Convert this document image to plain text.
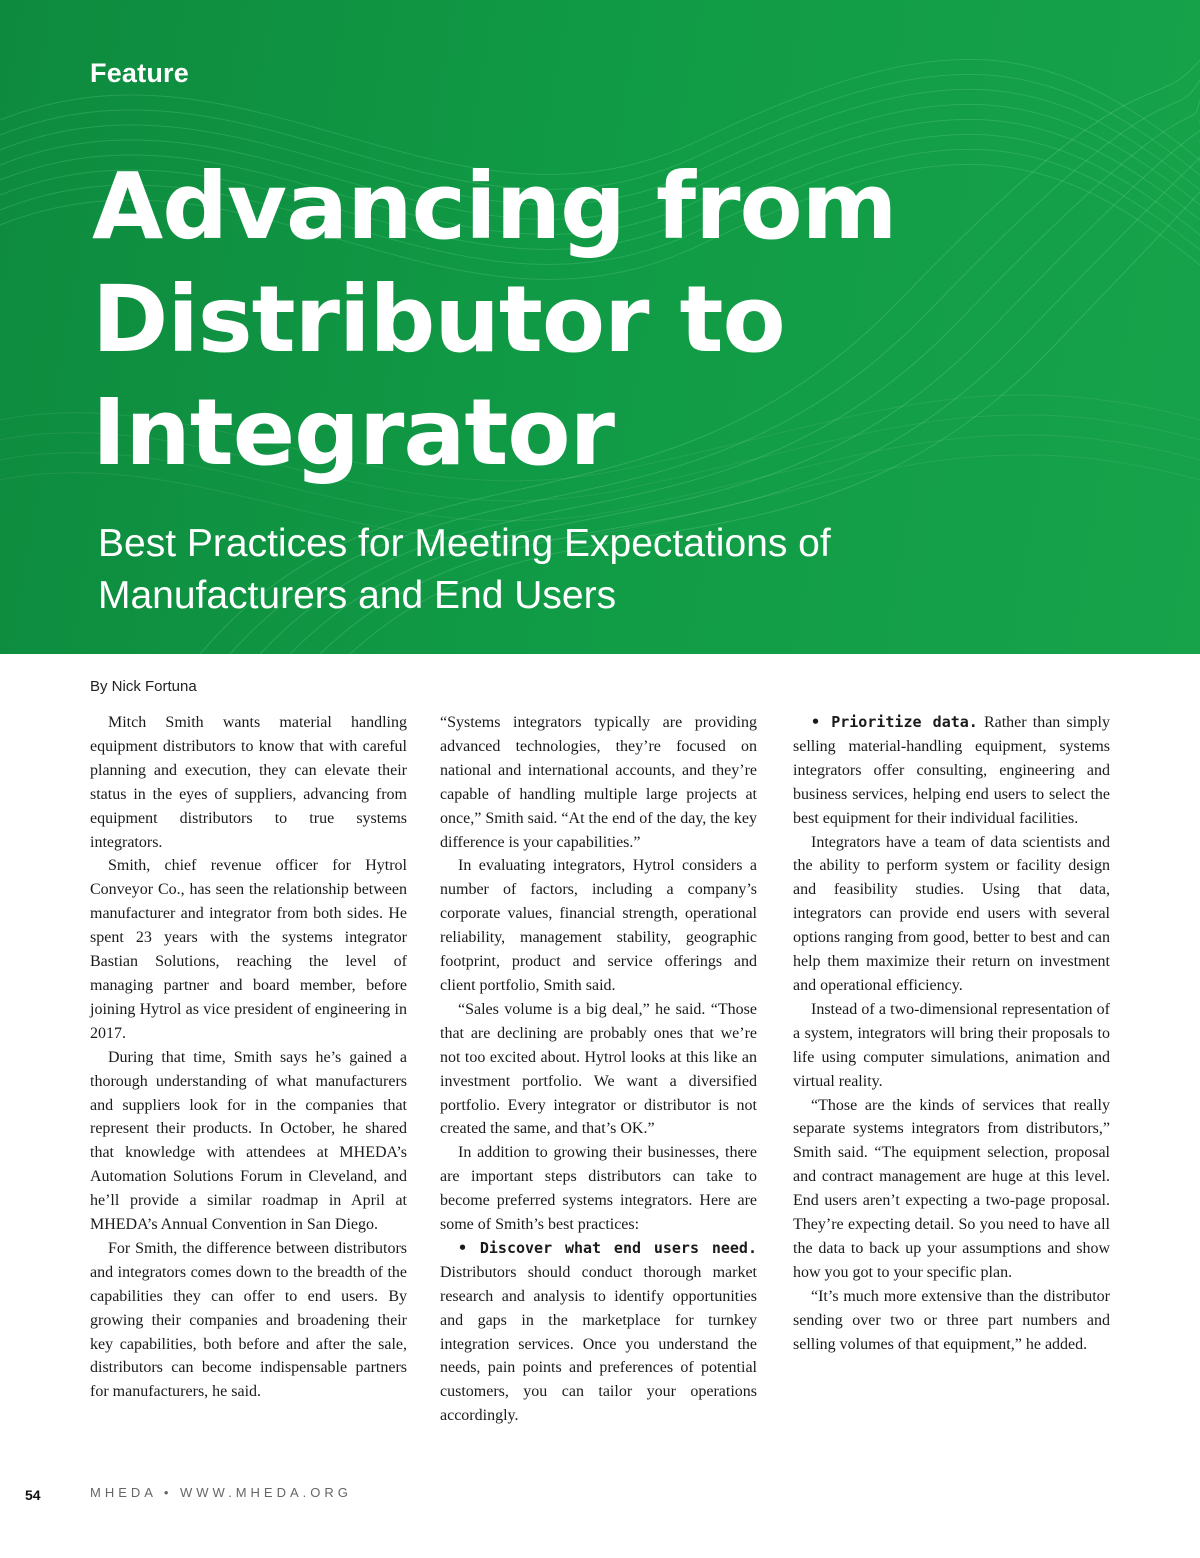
Feature
Advancing from
Distributor to
Integrator
Best Practices for Meeting Expectations of
Manufacturers and End Users
By Nick Fortuna

Mitch Smith wants material handling equipment distributors to know that with careful planning and execution, they can elevate their status in the eyes of suppliers, advancing from equipment distributors to true systems integrators.

Smith, chief revenue officer for Hytrol Conveyor Co., has seen the relationship between manufacturer and integrator from both sides. He spent 23 years with the systems integrator Bastian Solutions, reaching the level of managing partner and board member, before joining Hytrol as vice president of engineering in 2017.

During that time, Smith says he’s gained a thorough understanding of what manufacturers and suppliers look for in the companies that represent their products. In October, he shared that knowledge with attendees at MHEDA’s Automation Solutions Forum in Cleveland, and he’ll provide a similar roadmap in April at MHEDA’s Annual Convention in San Diego.

For Smith, the difference between distributors and integrators comes down to the breadth of the capabilities they can offer to end users. By growing their companies and broadening their key capabilities, both before and after the sale, distributors can become indispensable partners for manufacturers, he said.

“Systems integrators typically are providing advanced technologies, they’re focused on national and international accounts, and they’re capable of handling multiple large projects at once,” Smith said. “At the end of the day, the key difference is your capabilities.”

In evaluating integrators, Hytrol considers a number of factors, including a company’s corporate values, financial strength, operational reliability, management stability, geographic footprint, product and service offerings and client portfolio, Smith said.

“Sales volume is a big deal,” he said. “Those that are declining are probably ones that we’re not too excited about. Hytrol looks at this like an investment portfolio. We want a diversified portfolio. Every integrator or distributor is not created the same, and that’s OK.”

In addition to growing their businesses, there are important steps distributors can take to become preferred systems integrators. Here are some of Smith’s best practices:

• Discover what end users need. Distributors should conduct thorough market research and analysis to identify opportunities and gaps in the marketplace for turnkey integration services. Once you understand the needs, pain points and preferences of potential customers, you can tailor your operations accordingly.

• Prioritize data. Rather than simply selling material-handling equipment, systems integrators offer consulting, engineering and business services, helping end users to select the best equipment for their individual facilities.

Integrators have a team of data scientists and the ability to perform system or facility design and feasibility studies. Using that data, integrators can provide end users with several options ranging from good, better to best and can help them maximize their return on investment and operational efficiency.

Instead of a two-dimensional representation of a system, integrators will bring their proposals to life using computer simulations, animation and virtual reality.

“Those are the kinds of services that really separate systems integrators from distributors,” Smith said. “The equipment selection, proposal and contract management are huge at this level. End users aren’t expecting a two-page proposal. They’re expecting detail. So you need to have all the data to back up your assumptions and show how you got to your specific plan.

“It’s much more extensive than the distributor sending over two or three part numbers and selling volumes of that equipment,” he added.

54	MHEDA • WWW.MHEDA.ORG
